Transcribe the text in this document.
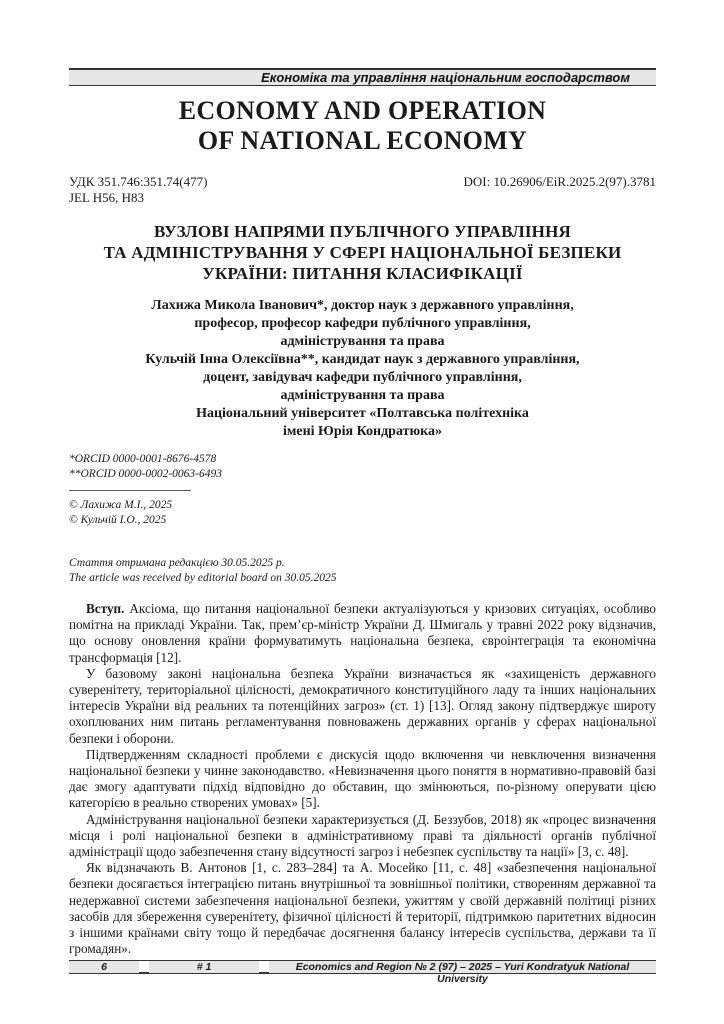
Економіка та управління національним господарством
ECONOMY AND OPERATION
OF NATIONAL ECONOMY
УДК 351.746:351.74(477)
JEL H56, H83
DOI: 10.26906/EiR.2025.2(97).3781
ВУЗЛОВІ НАПРЯМИ ПУБЛІЧНОГО УПРАВЛІННЯ
ТА АДМІНІСТРУВАННЯ У СФЕРІ НАЦІОНАЛЬНОЇ БЕЗПЕКИ
УКРАЇНИ: ПИТАННЯ КЛАСИФІКАЦІЇ
Лахижа Микола Іванович*, доктор наук з державного управління,
професор, професор кафедри публічного управління,
адміністрування та права
Кульчій Інна Олексіївна**, кандидат наук з державного управління,
доцент, завідувач кафедри публічного управління,
адміністрування та права
Національний університет «Полтавська політехніка
імені Юрія Кондратюка»
*ORCID 0000-0001-8676-4578
**ORCID 0000-0002-0063-6493
© Лахижа М.І., 2025
© Кульчій І.О., 2025
Стаття отримана редакцією 30.05.2025 р.
The article was received by editorial board on 30.05.2025

Вступ. Аксіома, що питання національної безпеки актуалізуються у кризових ситуаціях, особливо помітна на прикладі України. Так, прем’єр-міністр України Д. Шмигаль у травні 2022 року відзначив, що основу оновлення країни формуватимуть національна безпека, євроінтеграція та економічна трансформація [12].

У базовому законі національна безпека України визначається як «захищеність державного суверенітету, територіальної цілісності, демократичного конституційного ладу та інших національних інтересів України від реальних та потенційних загроз» (ст. 1) [13]. Огляд закону підтверджує широту охоплюваних ним питань регламентування повноважень державних органів у сферах національної безпеки і оборони.

Підтвердженням складності проблеми є дискусія щодо включення чи невключення визначення національної безпеки у чинне законодавство. «Невизначення цього поняття в нормативно-правовій базі дає змогу адаптувати підхід відповідно до обставин, що змінюються, по-різному оперувати цією категорією в реально створених умовах» [5].

Адміністрування національної безпеки характеризується (Д. Беззубов, 2018) як «процес визначення місця і ролі національної безпеки в адміністративному праві та діяльності органів публічної адміністрації щодо забезпечення стану відсутності загроз і небезпек суспільству та нації» [3, с. 48].

Як відзначають В. Антонов [1, с. 283–284] та А. Мосейко [11, с. 48] «забезпечення національної безпеки досягається інтеграцією питань внутрішньої та зовнішньої політики, створенням державної та недержавної системи забезпечення національної безпеки, ужиттям у своїй державній політиці різних засобів для збереження суверенітету, фізичної цілісності й території, підтримкою паритетних відносин з іншими країнами світу тощо й передбачає досягнення балансу інтересів суспільства, держави та її громадян».

6	# 1	Economics and Region № 2 (97) – 2025 – Yuri Kondratyuk National University
